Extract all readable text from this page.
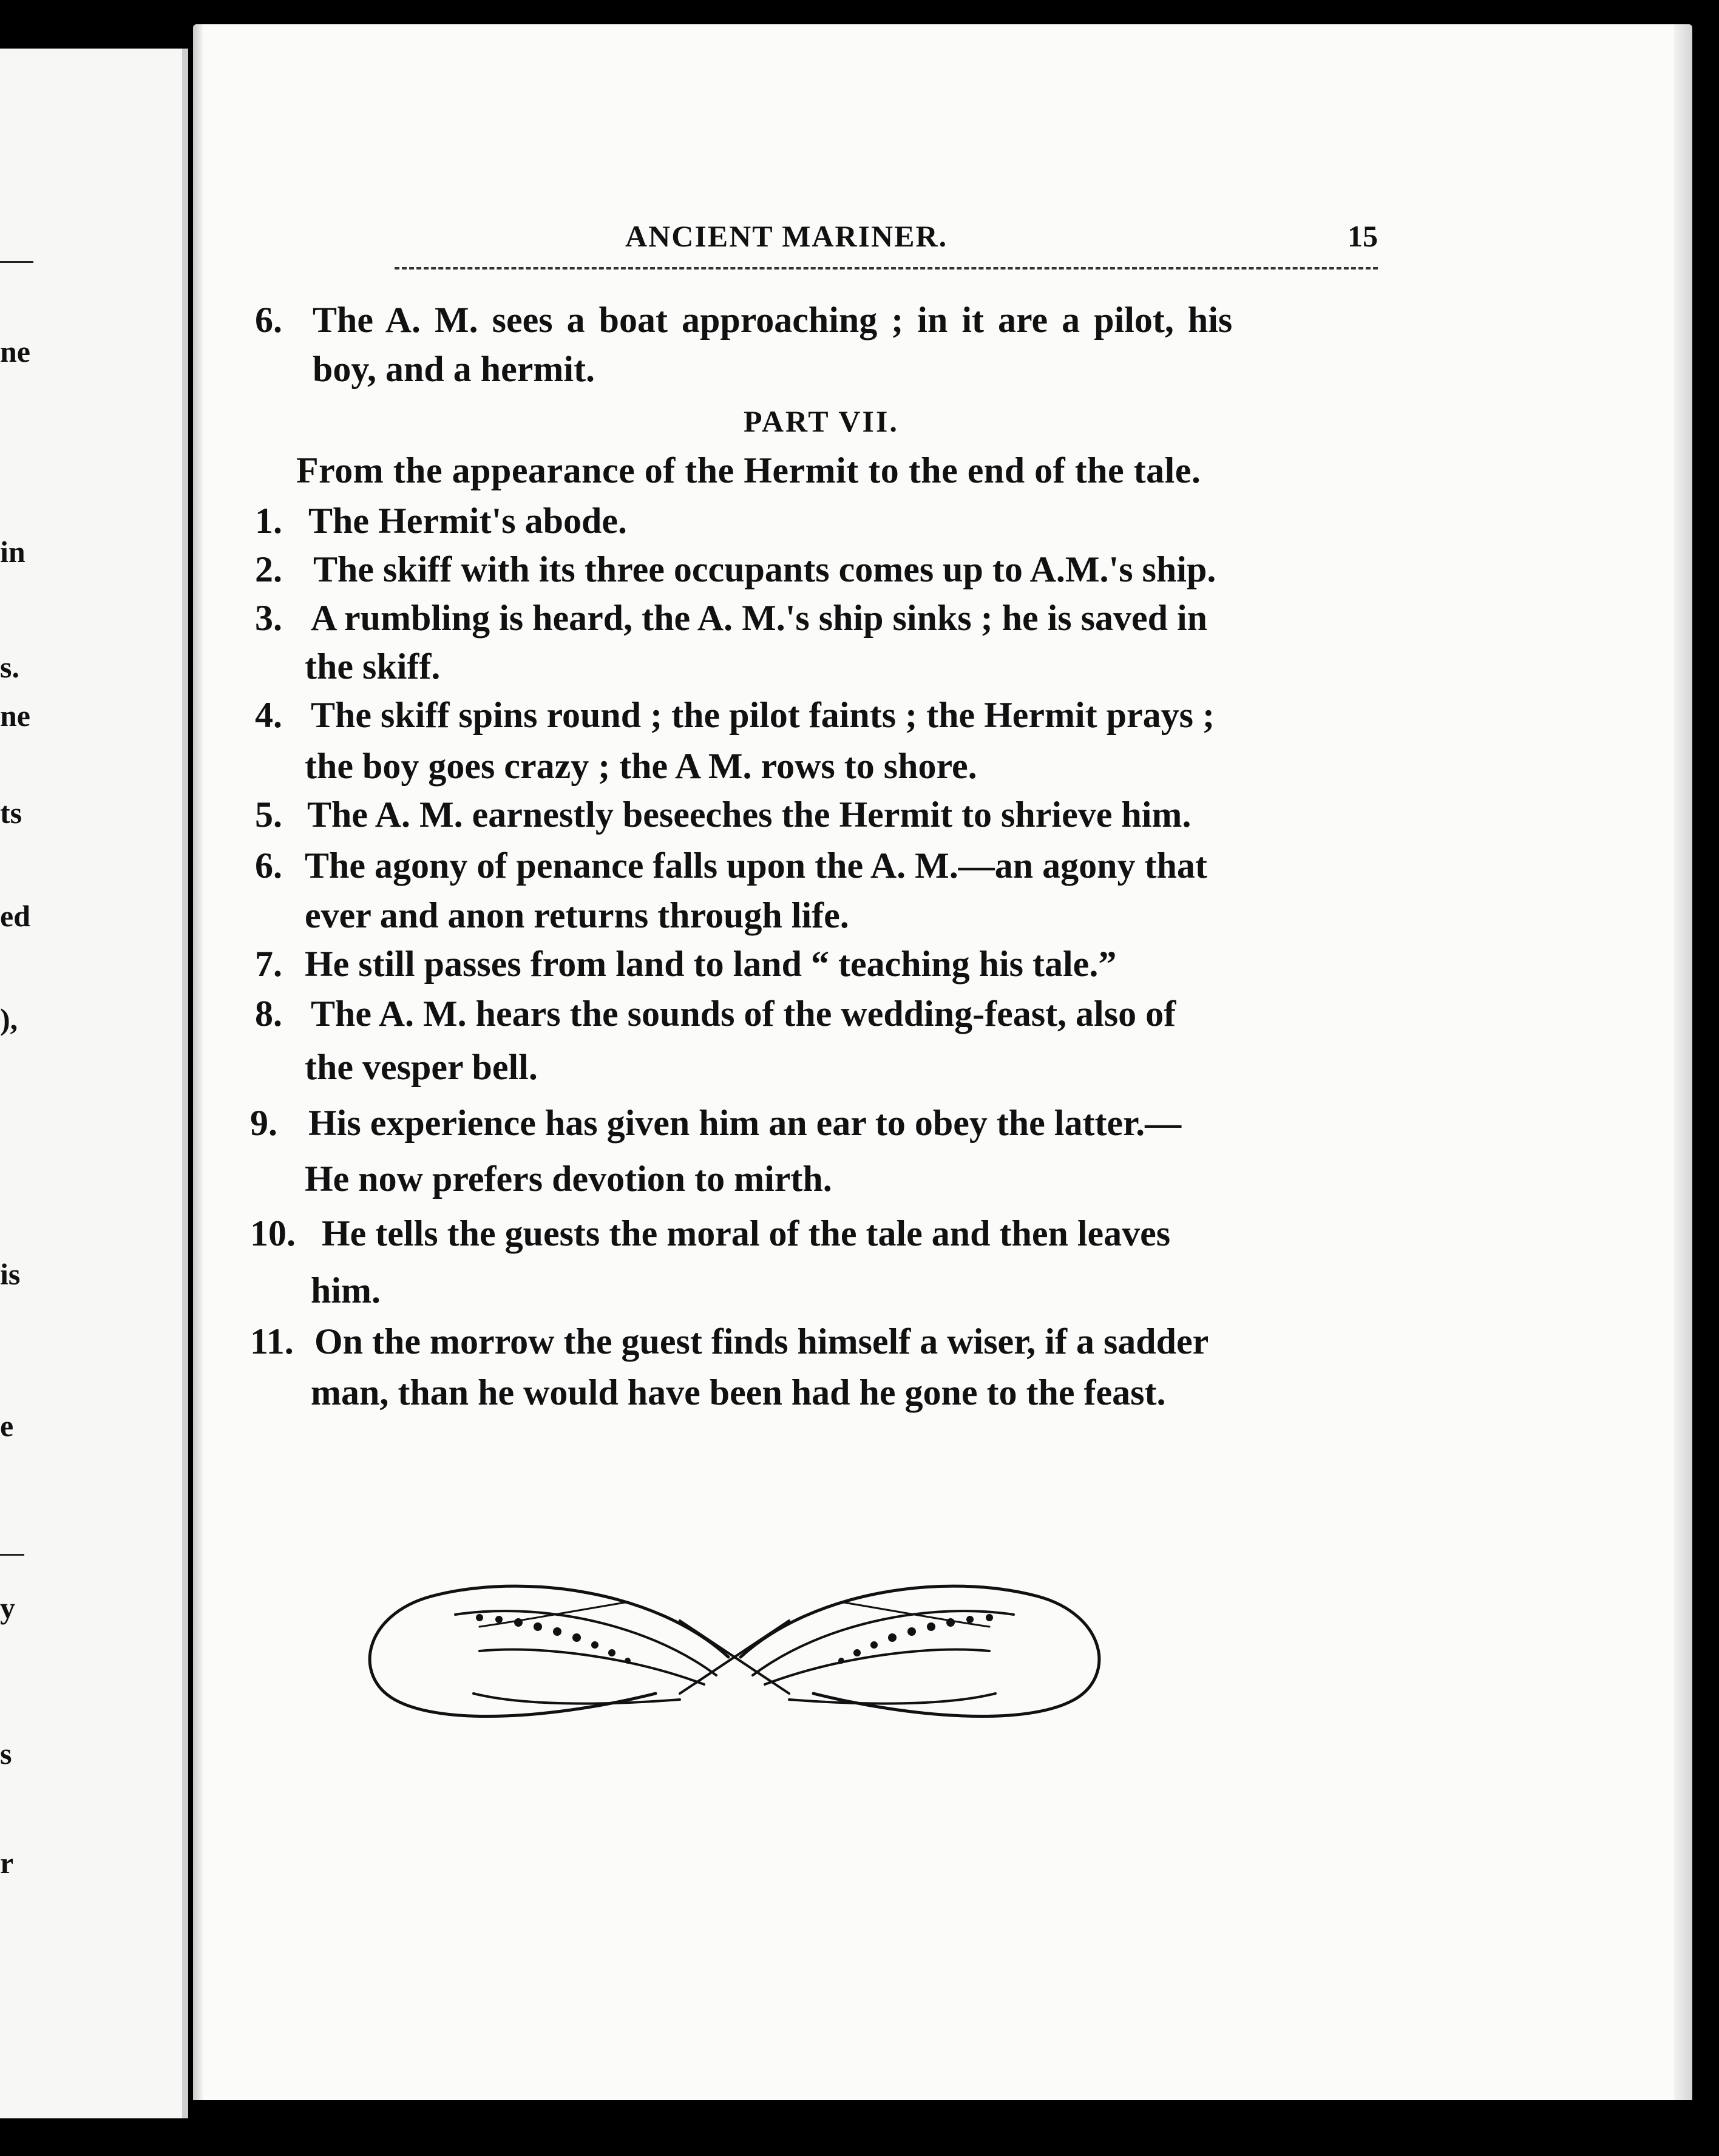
ne
in
s.
ne
ts
ed
),
is
e
y
s
r
ANCIENT MARINER.	15
6. The A. M. sees a boat approaching ; in it are a pilot, his
boy, and a hermit.
PART VII.
From the appearance of the Hermit to the end of the tale.
1. The Hermit's abode.
2. The skiff with its three occupants comes up to A.M.'s ship.
3. A rumbling is heard, the A. M.'s ship sinks ; he is saved in
the skiff.
4. The skiff spins round ; the pilot faints ; the Hermit prays ;
the boy goes crazy ; the A M. rows to shore.
5. The A. M. earnestly beseeches the Hermit to shrieve him.
6. The agony of penance falls upon the A. M.—an agony that
ever and anon returns through life.
7. He still passes from land to land “ teaching his tale.”
8. The A. M. hears the sounds of the wedding-feast, also of
the vesper bell.
9. His experience has given him an ear to obey the latter.—
He now prefers devotion to mirth.
10. He tells the guests the moral of the tale and then leaves
him.
11. On the morrow the guest finds himself a wiser, if a sadder
man, than he would have been had he gone to the feast.
